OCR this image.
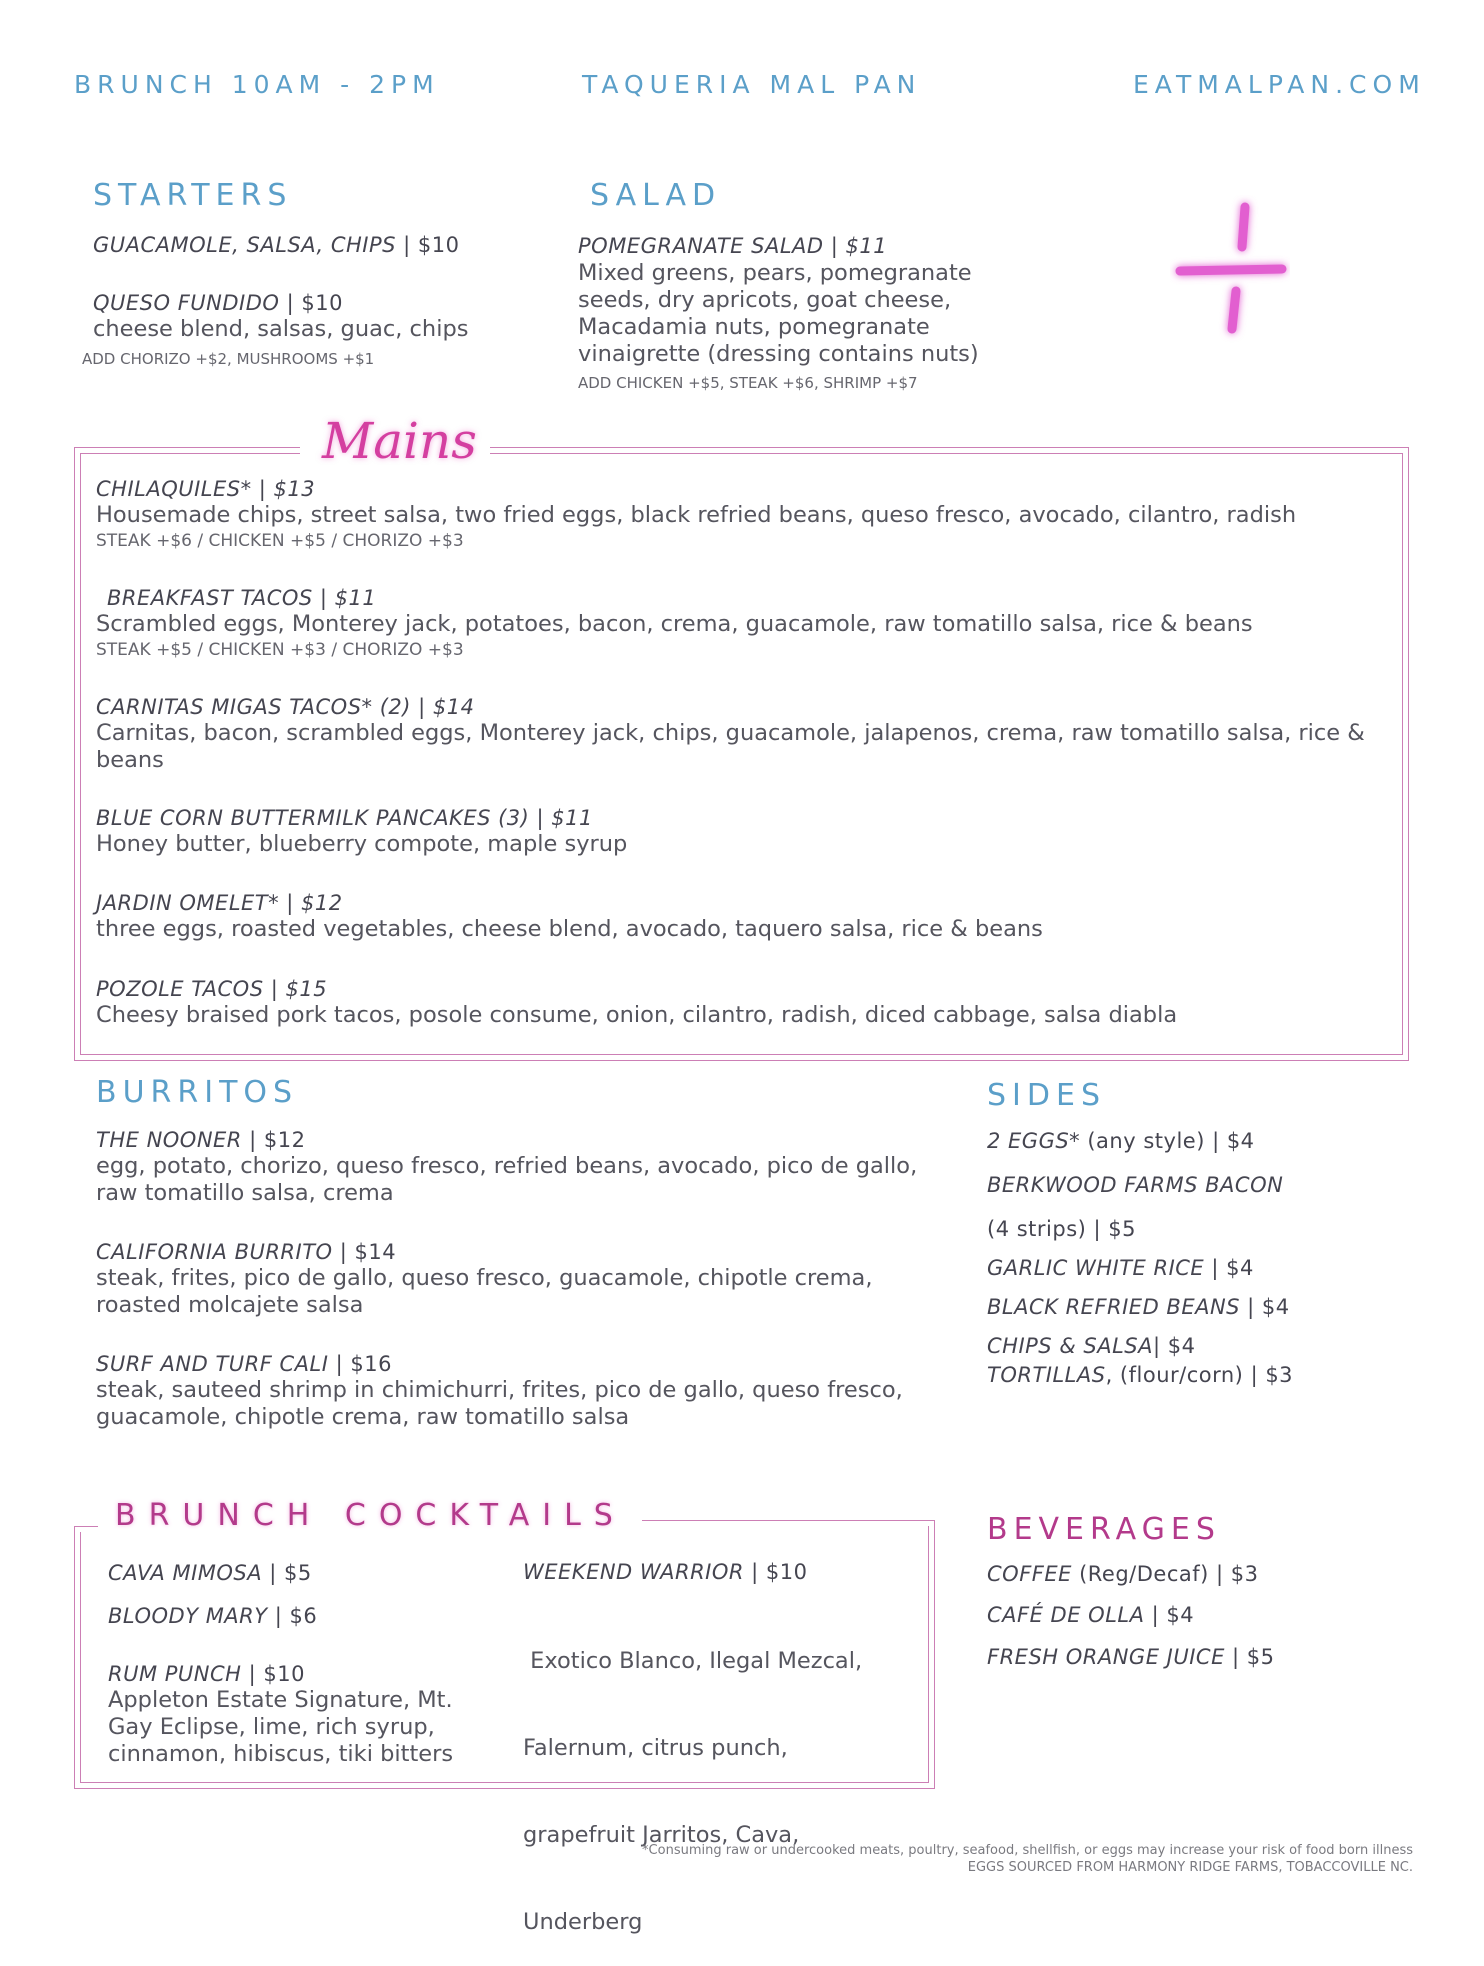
BRUNCH 10AM - 2PM	TAQUERIA MAL PAN	EATMALPAN.COM
STARTERS
GUACAMOLE, SALSA, CHIPS | $10
QUESO FUNDIDO | $10
cheese blend, salsas, guac, chips
ADD CHORIZO +$2, MUSHROOMS +$1
SALAD
POMEGRANATE SALAD | $11
Mixed greens, pears, pomegranate
seeds, dry apricots, goat cheese,
Macadamia nuts, pomegranate
vinaigrette (dressing contains nuts)
ADD CHICKEN +$5, STEAK +$6, SHRIMP +$7
Mains
CHILAQUILES* | $13
Housemade chips, street salsa, two fried eggs, black refried beans, queso fresco, avocado, cilantro, radish
STEAK +$6 / CHICKEN +$5 / CHORIZO +$3
BREAKFAST TACOS | $11
Scrambled eggs, Monterey jack, potatoes, bacon, crema, guacamole, raw tomatillo salsa, rice & beans
STEAK +$5 / CHICKEN +$3 / CHORIZO +$3
CARNITAS MIGAS TACOS* (2) | $14
Carnitas, bacon, scrambled eggs, Monterey jack, chips, guacamole, jalapenos, crema, raw tomatillo salsa, rice &
beans
BLUE CORN BUTTERMILK PANCAKES (3) | $11
Honey butter, blueberry compote, maple syrup
JARDIN OMELET* | $12
three eggs, roasted vegetables, cheese blend, avocado, taquero salsa, rice & beans
POZOLE TACOS | $15
Cheesy braised pork tacos, posole consume, onion, cilantro, radish, diced cabbage, salsa diabla
BURRITOS
THE NOONER | $12
egg, potato, chorizo, queso fresco, refried beans, avocado, pico de gallo,
raw tomatillo salsa, crema
CALIFORNIA BURRITO | $14
steak, frites, pico de gallo, queso fresco, guacamole, chipotle crema,
roasted molcajete salsa
SURF AND TURF CALI | $16
steak, sauteed shrimp in chimichurri, frites, pico de gallo, queso fresco,
guacamole, chipotle crema, raw tomatillo salsa
SIDES
2 EGGS* (any style) | $4
BERKWOOD FARMS BACON
(4 strips) | $5
GARLIC WHITE RICE | $4
BLACK REFRIED BEANS | $4
CHIPS & SALSA| $4
TORTILLAS, (flour/corn) | $3
BRUNCH COCKTAILS
CAVA MIMOSA | $5
BLOODY MARY | $6
RUM PUNCH | $10
Appleton Estate Signature, Mt.
Gay Eclipse, lime, rich syrup,
cinnamon, hibiscus, tiki bitters
WEEKEND WARRIOR | $10

Exotico Blanco, Ilegal Mezcal,

Falernum, citrus punch,

grapefruit Jarritos, Cava,

Underberg

BEVERAGES
COFFEE (Reg/Decaf) | $3
CAFÉ DE OLLA | $4
FRESH ORANGE JUICE | $5
*Consuming raw or undercooked meats, poultry, seafood, shellfish, or eggs may increase your risk of food born illness
EGGS SOURCED FROM HARMONY RIDGE FARMS, TOBACCOVILLE NC.
